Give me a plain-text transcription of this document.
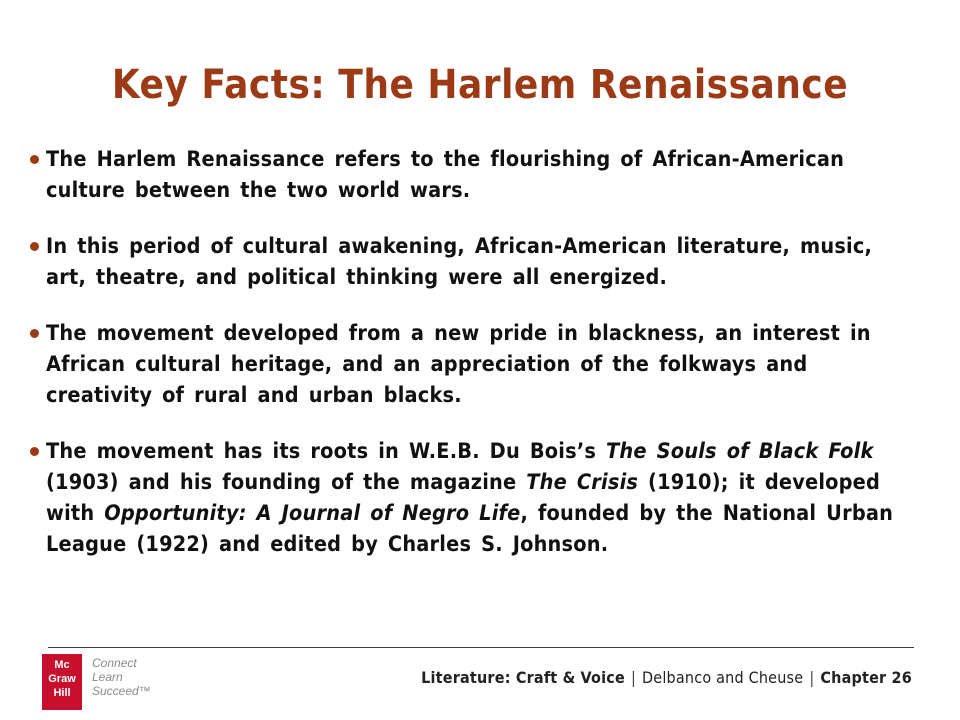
Key Facts: The Harlem Renaissance
The Harlem Renaissance refers to the flourishing of African-American culture between the two world wars.
In this period of cultural awakening, African-American literature, music, art, theatre, and political thinking were all energized.
The movement developed from a new pride in blackness, an interest in African cultural heritage, and an appreciation of the folkways and creativity of rural and urban blacks.
The movement has its roots in W.E.B. Du Bois’s The Souls of Black Folk (1903) and his founding of the magazine The Crisis (1910); it developed with Opportunity: A Journal of Negro Life, founded by the National Urban League (1922) and edited by Charles S. Johnson.
Mc
Graw
Hill
Connect
Learn
Succeed™
Literature: Craft & Voice | Delbanco and Cheuse | Chapter 26
